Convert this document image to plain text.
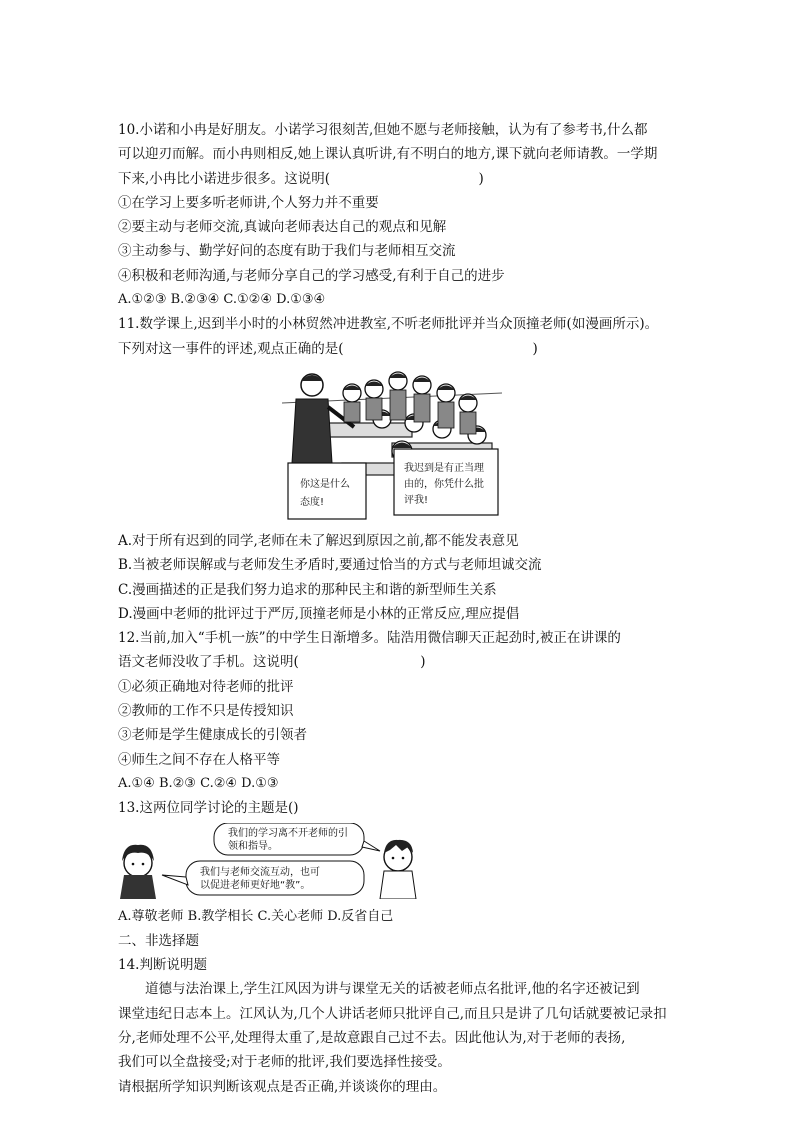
10.小诺和小冉是好朋友。小诺学习很刻苦,但她不愿与老师接触，认为有了参考书,什么都
可以迎刃而解。而小冉则相反,她上课认真听讲,有不明白的地方,课下就向老师请教。一学期
下来,小冉比小诺进步很多。这说明(　　　　　　　　　　　)
①在学习上要多听老师讲,个人努力并不重要
②要主动与老师交流,真诚向老师表达自己的观点和见解
③主动参与、勤学好问的态度有助于我们与老师相互交流
④积极和老师沟通,与老师分享自己的学习感受,有利于自己的进步
A.①②③ B.②③④ C.①②④ D.①③④
11.数学课上,迟到半小时的小林贸然冲进教室,不听老师批评并当众顶撞老师(如漫画所示)。
下列对这一事件的评述,观点正确的是(　　　　　　　　　　　　　　)
你这是什么
态度!
我迟到是有正当理
由的，你凭什么批
评我!
A.对于所有迟到的同学,老师在未了解迟到原因之前,都不能发表意见
B.当被老师误解或与老师发生矛盾时,要通过恰当的方式与老师坦诚交流
C.漫画描述的正是我们努力追求的那种民主和谐的新型师生关系
D.漫画中老师的批评过于严厉,顶撞老师是小林的正常反应,理应提倡
12.当前,加入“手机一族”的中学生日渐增多。陆浩用微信聊天正起劲时,被正在讲课的
语文老师没收了手机。这说明(　　　　　　　　　)
①必须正确地对待老师的批评
②教师的工作不只是传授知识
③老师是学生健康成长的引领者
④师生之间不存在人格平等
A.①④ B.②③ C.②④ D.①③
13.这两位同学讨论的主题是()
我们的学习离不开老师的引
领和指导。
我们与老师交流互动，也可
以促进老师更好地“教”。
A.尊敬老师 B.教学相长 C.关心老师 D.反省自己
二、非选择题
14.判断说明题
道德与法治课上,学生江风因为讲与课堂无关的话被老师点名批评,他的名字还被记到
课堂违纪日志本上。江风认为,几个人讲话老师只批评自己,而且只是讲了几句话就要被记录扣
分,老师处理不公平,处理得太重了,是故意跟自己过不去。因此他认为,对于老师的表扬,
我们可以全盘接受;对于老师的批评,我们要选择性接受。
请根据所学知识判断该观点是否正确,并谈谈你的理由。
